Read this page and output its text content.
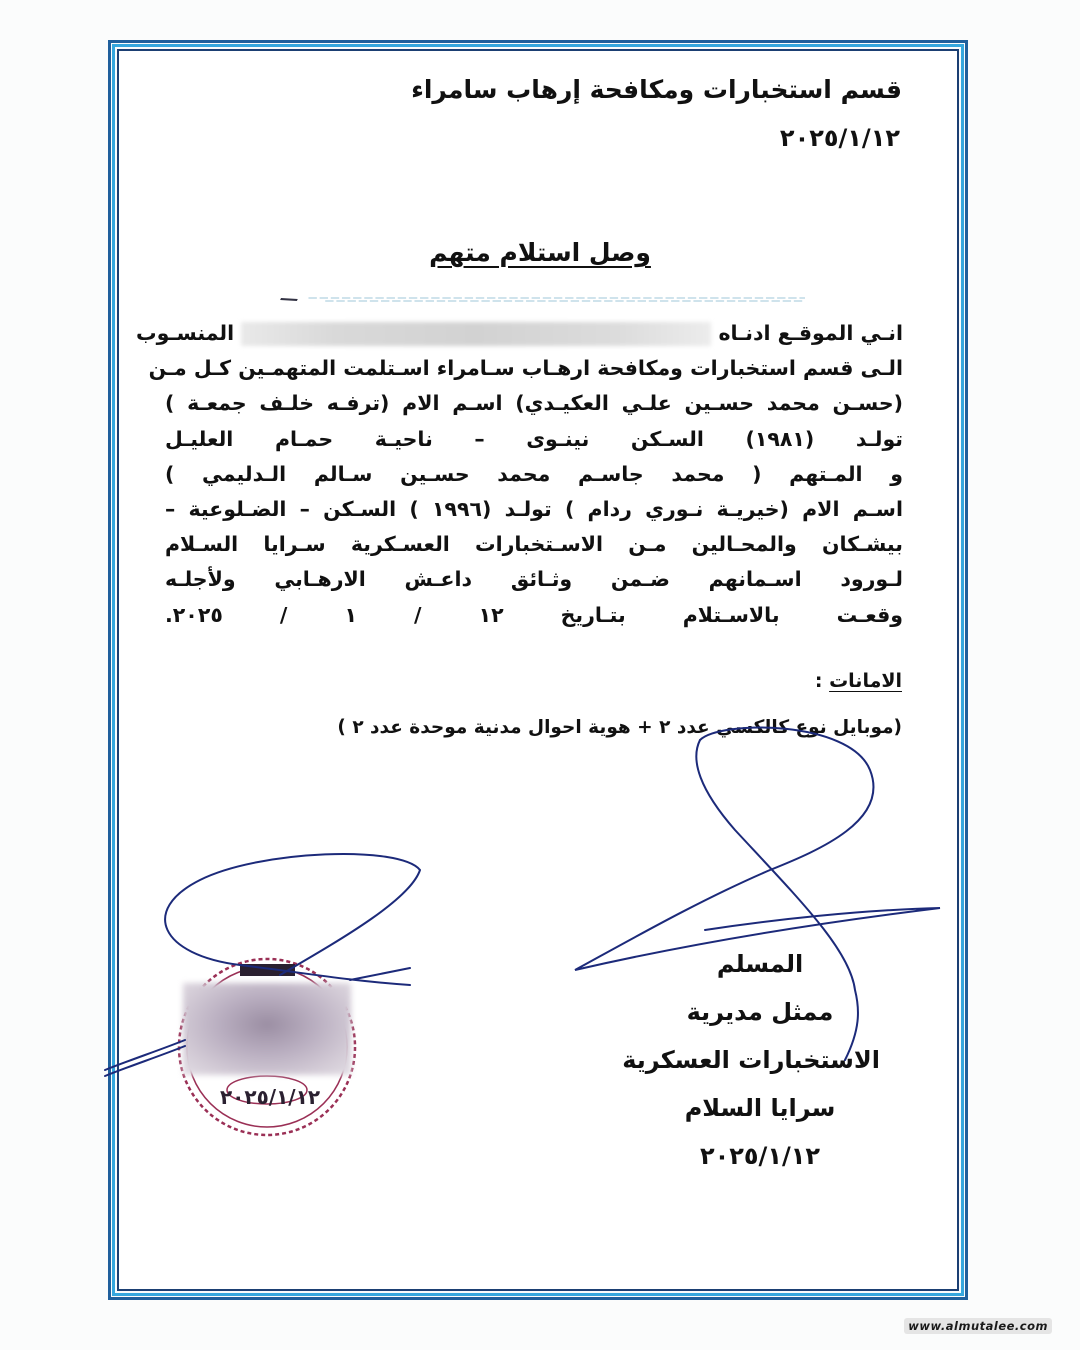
قسم استخبارات ومكافحة إرهاب سامراء
٢٠٢٥/١/١٢
وصل استلام متهم
انـي الموقـع ادنـاه  المنسـوب
الـى قسم استخبارات ومكافحة ارهـاب سـامراء اسـتلمت المتهمـين كـل مـن
(حسـن محمد حسـين علـي العكيـدي) اسـم الام (ترفـه خلـف جمعـة )
تولـد (١٩٨١) السـكن نينـوى – ناحيـة حمـام العليـل
و المـتهم ( محمد جاسـم محمد حسـين سـالم الـدليمي )
اسـم الام (خيريـة نـوري ردام ) تولـد (١٩٩٦ ) السـكن – الضـلوعية –
بيشـكان والمحـالين مـن الاسـتخبارات العسـكرية سـرايا السـلام
لـورود اسـمانهم ضـمن وثـائق داعـش الارهـابي ولأجلـه
وقعـت بالاسـتلام بتـاريخ ١٢ / ١ / ٢٠٢٥.
الامانات :
(موبايل نوع كالكسي عدد ٢ + هوية احوال مدنية موحدة عدد ٢ )
المسلم
ممثل مديرية
الاستخبارات العسكرية
سرايا السلام
٢٠٢٥/١/١٢
٢٠٢٥/١/١٢
www.almutalee.com
